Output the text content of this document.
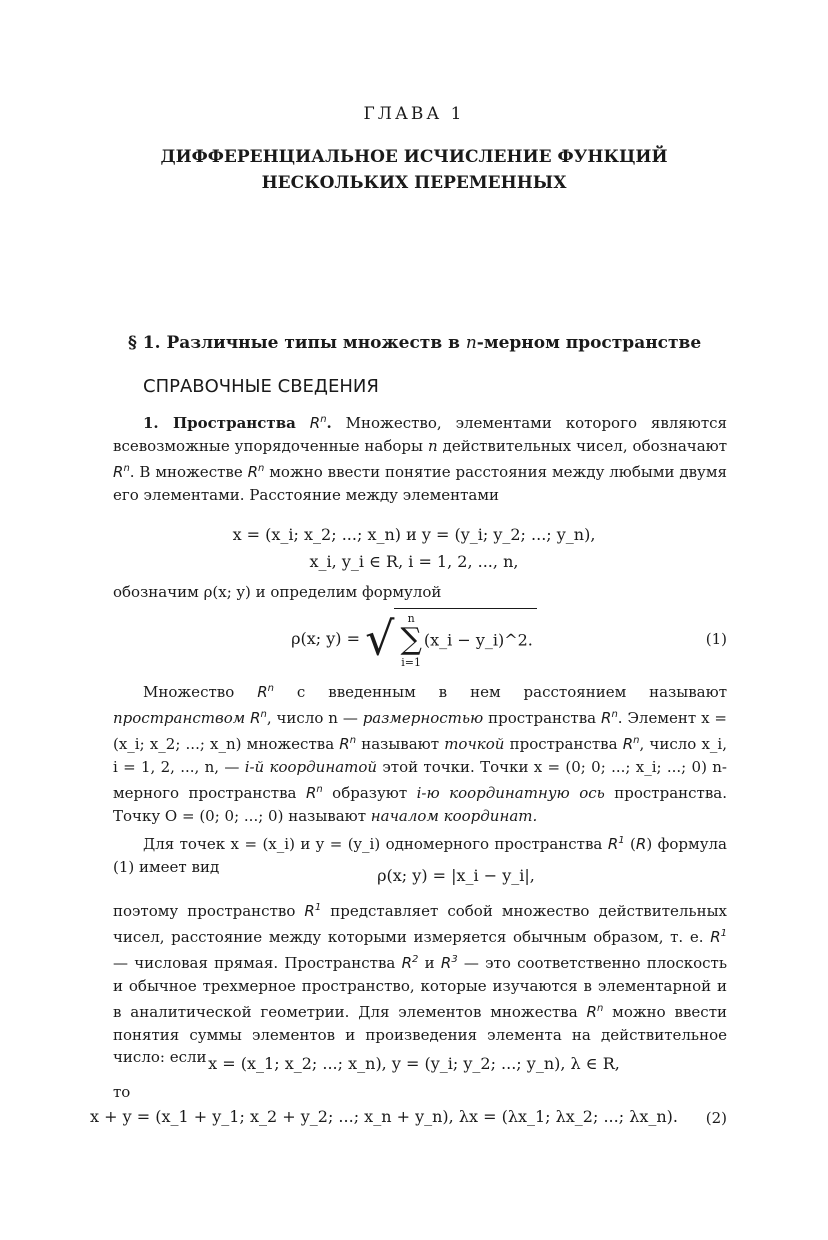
ГЛАВА 1
ДИФФЕРЕНЦИАЛЬНОЕ ИСЧИСЛЕНИЕ ФУНКЦИЙ
НЕСКОЛЬКИХ ПЕРЕМЕННЫХ
§ 1. Различные типы множеств в n-мерном пространстве
СПРАВОЧНЫЕ СВЕДЕНИЯ
1. Пространства $R^n$. Множество, элементами которого являются всевозможные упорядоченные наборы n действительных чисел, обозначают $R^n$. В множестве $R^n$ можно ввести понятие расстояния между любыми двумя его элементами. Расстояние между элементами
x = (x_i; x_2; ...; x_n) и y = (y_i; y_2; ...; y_n),
x_i, y_i ∈ R, i = 1, 2, ..., n,
обозначим ρ(x; y) и определим формулой
ρ(x; y) = √ n
∑
i=1(x_i − y_i)^2.	(1)
Множество $R^n$ с введенным в нем расстоянием называют пространством $R^n$, число n — размерностью пространства $R^n$. Элемент x = (x_i; x_2; ...; x_n) множества $R^n$ называют точкой пространства $R^n$, число x_i, i = 1, 2, ..., n, — i-й координатой этой точки. Точки x = (0; 0; ...; x_i; ...; 0) n-мерного пространства $R^n$ образуют i-ю координатную ось пространства. Точку O = (0; 0; ...; 0) называют началом координат.
Для точек x = (x_i) и y = (y_i) одномерного пространства $R^1$ (R) формула (1) имеет вид	ρ(x; y) = |x_i − y_i|,
поэтому пространство $R^1$ представляет собой множество действительных чисел, расстояние между которыми измеряется обычным образом, т. е. $R^1$ — числовая прямая. Пространства $R^2$ и $R^3$ — это соответственно плоскость и обычное трехмерное пространство, которые изучаются в элементарной и в аналитической геометрии. Для элементов множества $R^n$ можно ввести понятия суммы элементов и произведения элемента на действительное число: если x = (x_1; x_2; ...; x_n), y = (y_i; y_2; ...; y_n), λ ∈ R,
то
x + y = (x_1 + y_1; x_2 + y_2; ...; x_n + y_n), λx = (λx_1; λx_2; ...; λx_n).	(2)
